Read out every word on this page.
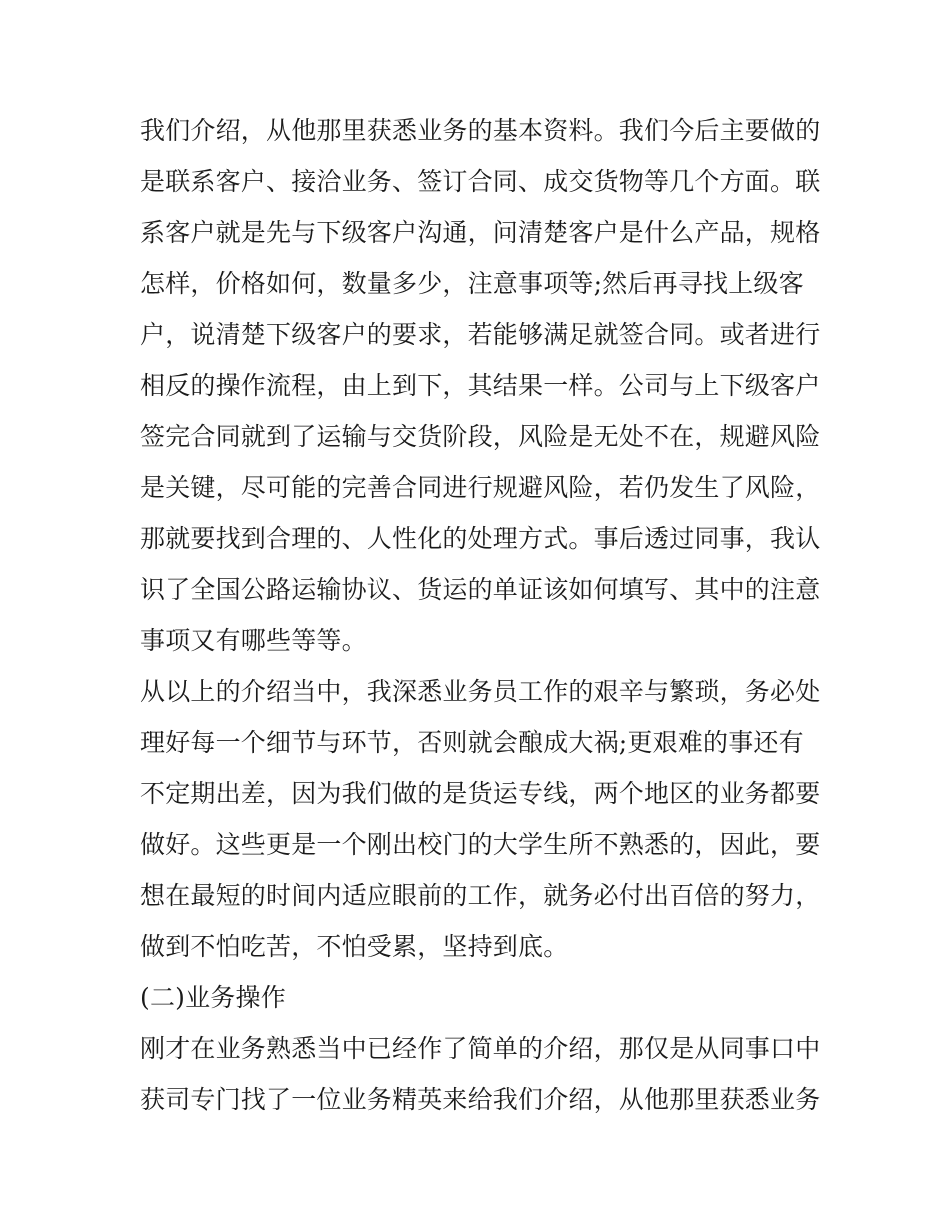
我们介绍，从他那里获悉业务的基本资料。我们今后主要做的
是联系客户、接洽业务、签订合同、成交货物等几个方面。联
系客户就是先与下级客户沟通，问清楚客户是什么产品，规格
怎样，价格如何，数量多少，注意事项等;然后再寻找上级客
户，说清楚下级客户的要求，若能够满足就签合同。或者进行
相反的操作流程，由上到下，其结果一样。公司与上下级客户
签完合同就到了运输与交货阶段，风险是无处不在，规避风险
是关键，尽可能的完善合同进行规避风险，若仍发生了风险，
那就要找到合理的、人性化的处理方式。事后透过同事，我认
识了全国公路运输协议、货运的单证该如何填写、其中的注意
事项又有哪些等等。
从以上的介绍当中，我深悉业务员工作的艰辛与繁琐，务必处
理好每一个细节与环节，否则就会酿成大祸;更艰难的事还有
不定期出差，因为我们做的是货运专线，两个地区的业务都要
做好。这些更是一个刚出校门的大学生所不熟悉的，因此，要
想在最短的时间内适应眼前的工作，就务必付出百倍的努力，
做到不怕吃苦，不怕受累，坚持到底。
(二)业务操作
刚才在业务熟悉当中已经作了简单的介绍，那仅是从同事口中
获司专门找了一位业务精英来给我们介绍，从他那里获悉业务
